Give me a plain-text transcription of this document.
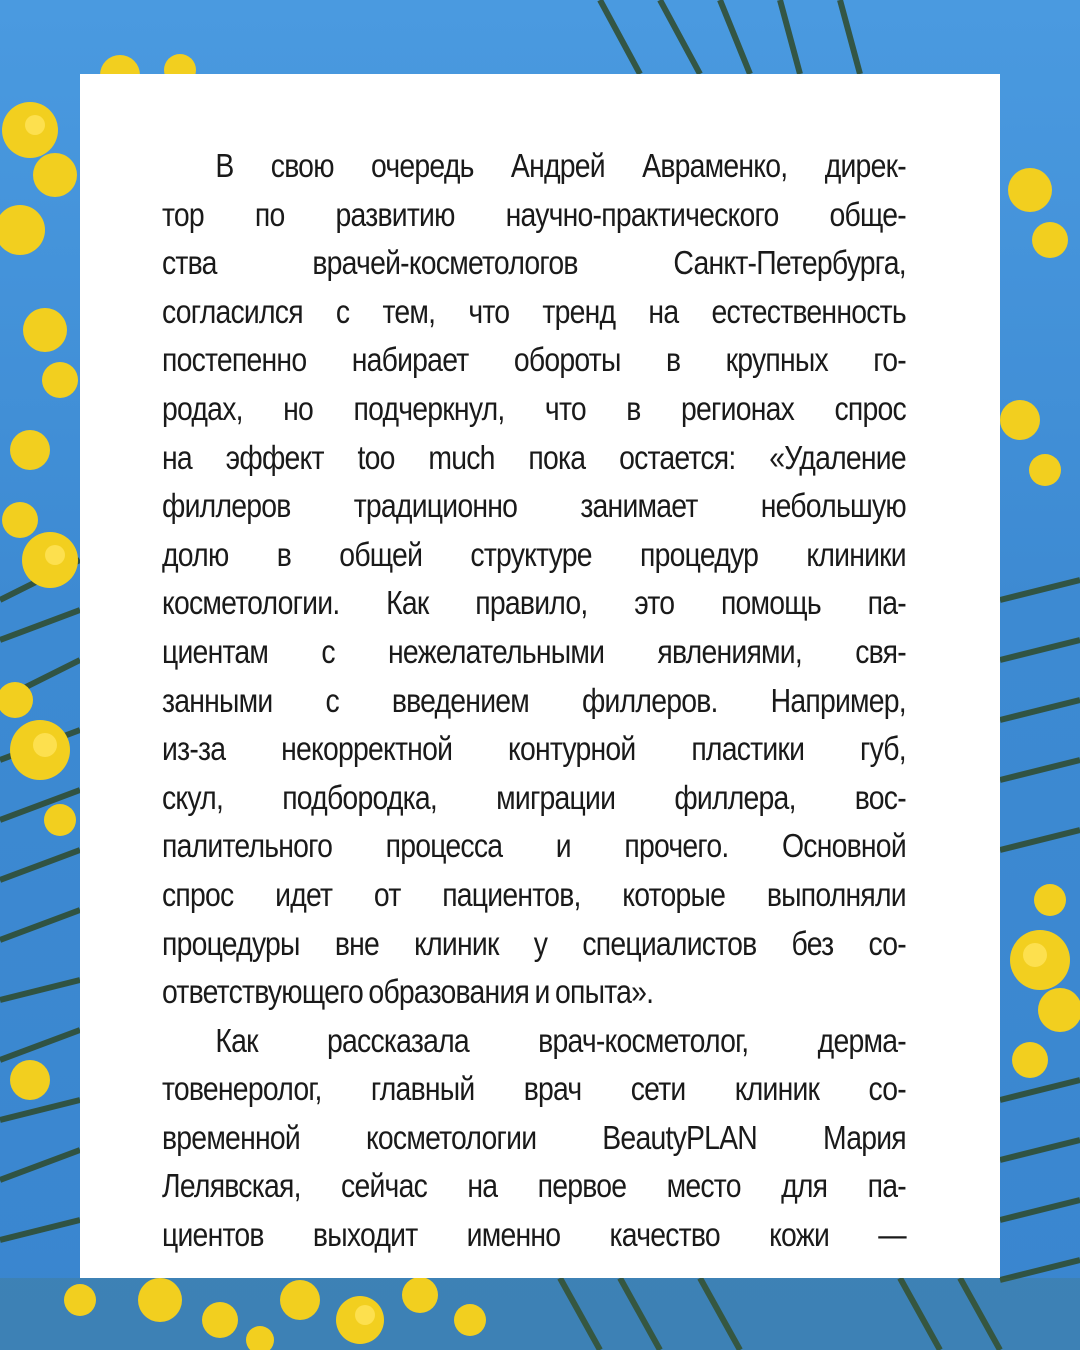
В свою очередь Андрей Авраменко, дирек-
тор по развитию научно-практического обще-
ства врачей-косметологов Санкт-Петербурга,
согласился с тем, что тренд на естественность
постепенно набирает обороты в крупных го-
родах, но подчеркнул, что в регионах спрос
на эффект too much пока остается: «Удаление
филлеров традиционно занимает небольшую
долю в общей структуре процедур клиники
косметологии. Как правило, это помощь па-
циентам с нежелательными явлениями, свя-
занными с введением филлеров. Например,
из-за некорректной контурной пластики губ,
скул, подбородка, миграции филлера, вос-
палительного процесса и прочего. Основной
спрос идет от пациентов, которые выполняли
процедуры вне клиник у специалистов без со-
ответствующего образования и опыта».

Как рассказала врач-косметолог, дерма-
товенеролог, главный врач сети клиник со-
временной косметологии BeautyPLAN Мария
Лелявская, сейчас на первое место для па-
циентов выходит именно качество кожи —
